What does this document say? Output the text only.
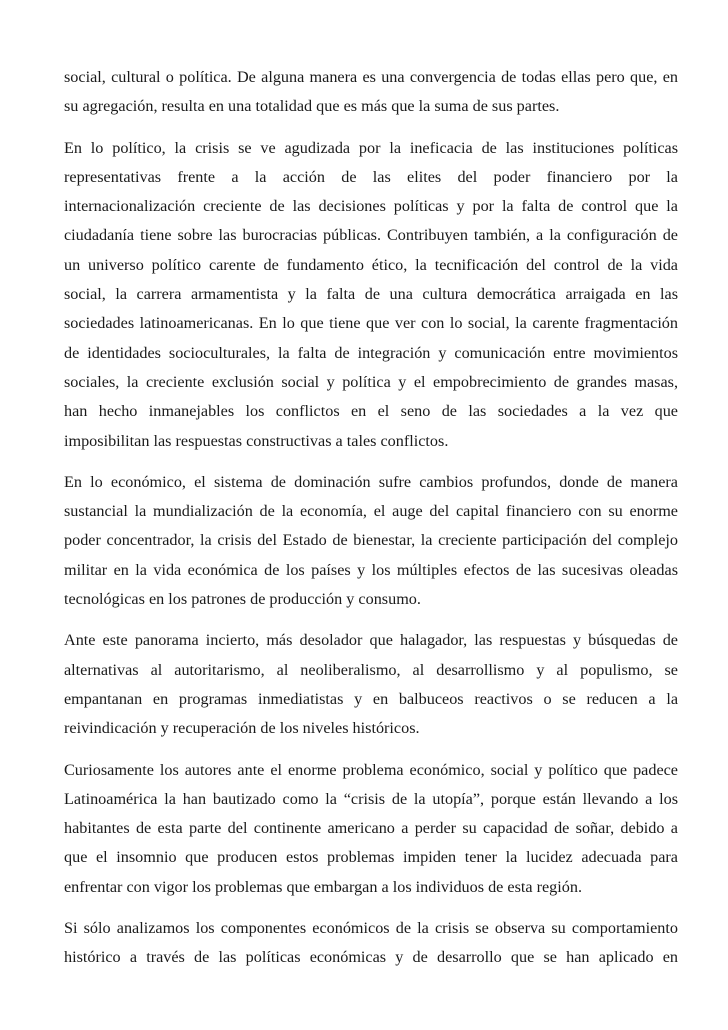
social, cultural o política. De alguna manera es una convergencia de todas ellas pero que, en
su agregación, resulta en una totalidad que es más que la suma de sus partes.
En lo político, la crisis se ve agudizada por la ineficacia de las instituciones políticas
representativas frente a la acción de las elites del poder financiero por la
internacionalización creciente de las decisiones políticas y por la falta de control que la
ciudadanía tiene sobre las burocracias públicas. Contribuyen también, a la configuración de
un universo político carente de fundamento ético, la tecnificación del control de la vida
social, la carrera armamentista y la falta de una cultura democrática arraigada en las
sociedades latinoamericanas. En lo que tiene que ver con lo social, la carente fragmentación
de identidades socioculturales, la falta de integración y comunicación entre movimientos
sociales, la creciente exclusión social y política y el empobrecimiento de grandes masas,
han hecho inmanejables los conflictos en el seno de las sociedades a la vez que
imposibilitan las respuestas constructivas a tales conflictos.
En lo económico, el sistema de dominación sufre cambios profundos, donde de manera
sustancial la mundialización de la economía, el auge del capital financiero con su enorme
poder concentrador, la crisis del Estado de bienestar, la creciente participación del complejo
militar en la vida económica de los países y los múltiples efectos de las sucesivas oleadas
tecnológicas en los patrones de producción y consumo.
Ante este panorama incierto, más desolador que halagador, las respuestas y búsquedas de
alternativas al autoritarismo, al neoliberalismo, al desarrollismo y al populismo, se
empantanan en programas inmediatistas y en balbuceos reactivos o se reducen a la
reivindicación y recuperación de los niveles históricos.
Curiosamente los autores ante el enorme problema económico, social y político que padece
Latinoamérica la han bautizado como la “crisis de la utopía”, porque están llevando a los
habitantes de esta parte del continente americano a perder su capacidad de soñar, debido a
que el insomnio que producen estos problemas impiden tener la lucidez adecuada para
enfrentar con vigor los problemas que embargan a los individuos de esta región.
Si sólo analizamos los componentes económicos de la crisis se observa su comportamiento
histórico a través de las políticas económicas y de desarrollo que se han aplicado en
